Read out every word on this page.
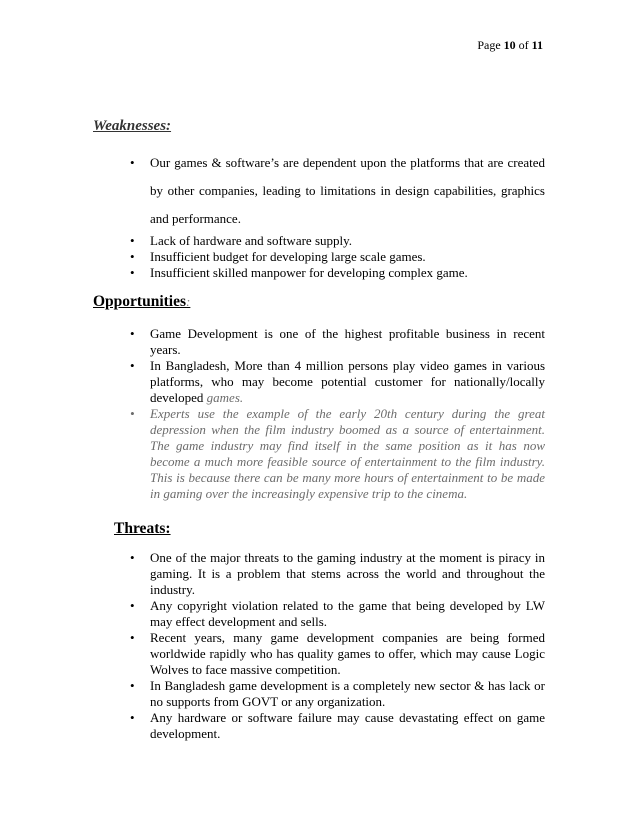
Page 10 of 11
Weaknesses:
• Our games & software’s are dependent upon the platforms that are created by other companies, leading to limitations in design capabilities, graphics and performance.
• Lack of hardware and software supply.
• Insufficient budget for developing large scale games.
• Insufficient skilled manpower for developing complex game.
Opportunities:
• Game Development is one of the highest profitable business in recent years.
• In Bangladesh, More than 4 million persons play video games in various platforms, who may become potential customer for nationally/locally developed games.
• Experts use the example of the early 20th century during the great depression when the film industry boomed as a source of entertainment. The game industry may find itself in the same position as it has now become a much more feasible source of entertainment to the film industry. This is because there can be many more hours of entertainment to be made in gaming over the increasingly expensive trip to the cinema.
Threats:
• One of the major threats to the gaming industry at the moment is piracy in gaming. It is a problem that stems across the world and throughout the industry.
• Any copyright violation related to the game that being developed by LW may effect development and sells.
• Recent years, many game development companies are being formed worldwide rapidly who has quality games to offer, which may cause Logic Wolves to face massive competition.
• In Bangladesh game development is a completely new sector & has lack or no supports from GOVT or any organization.
• Any hardware or software failure may cause devastating effect on game development.
